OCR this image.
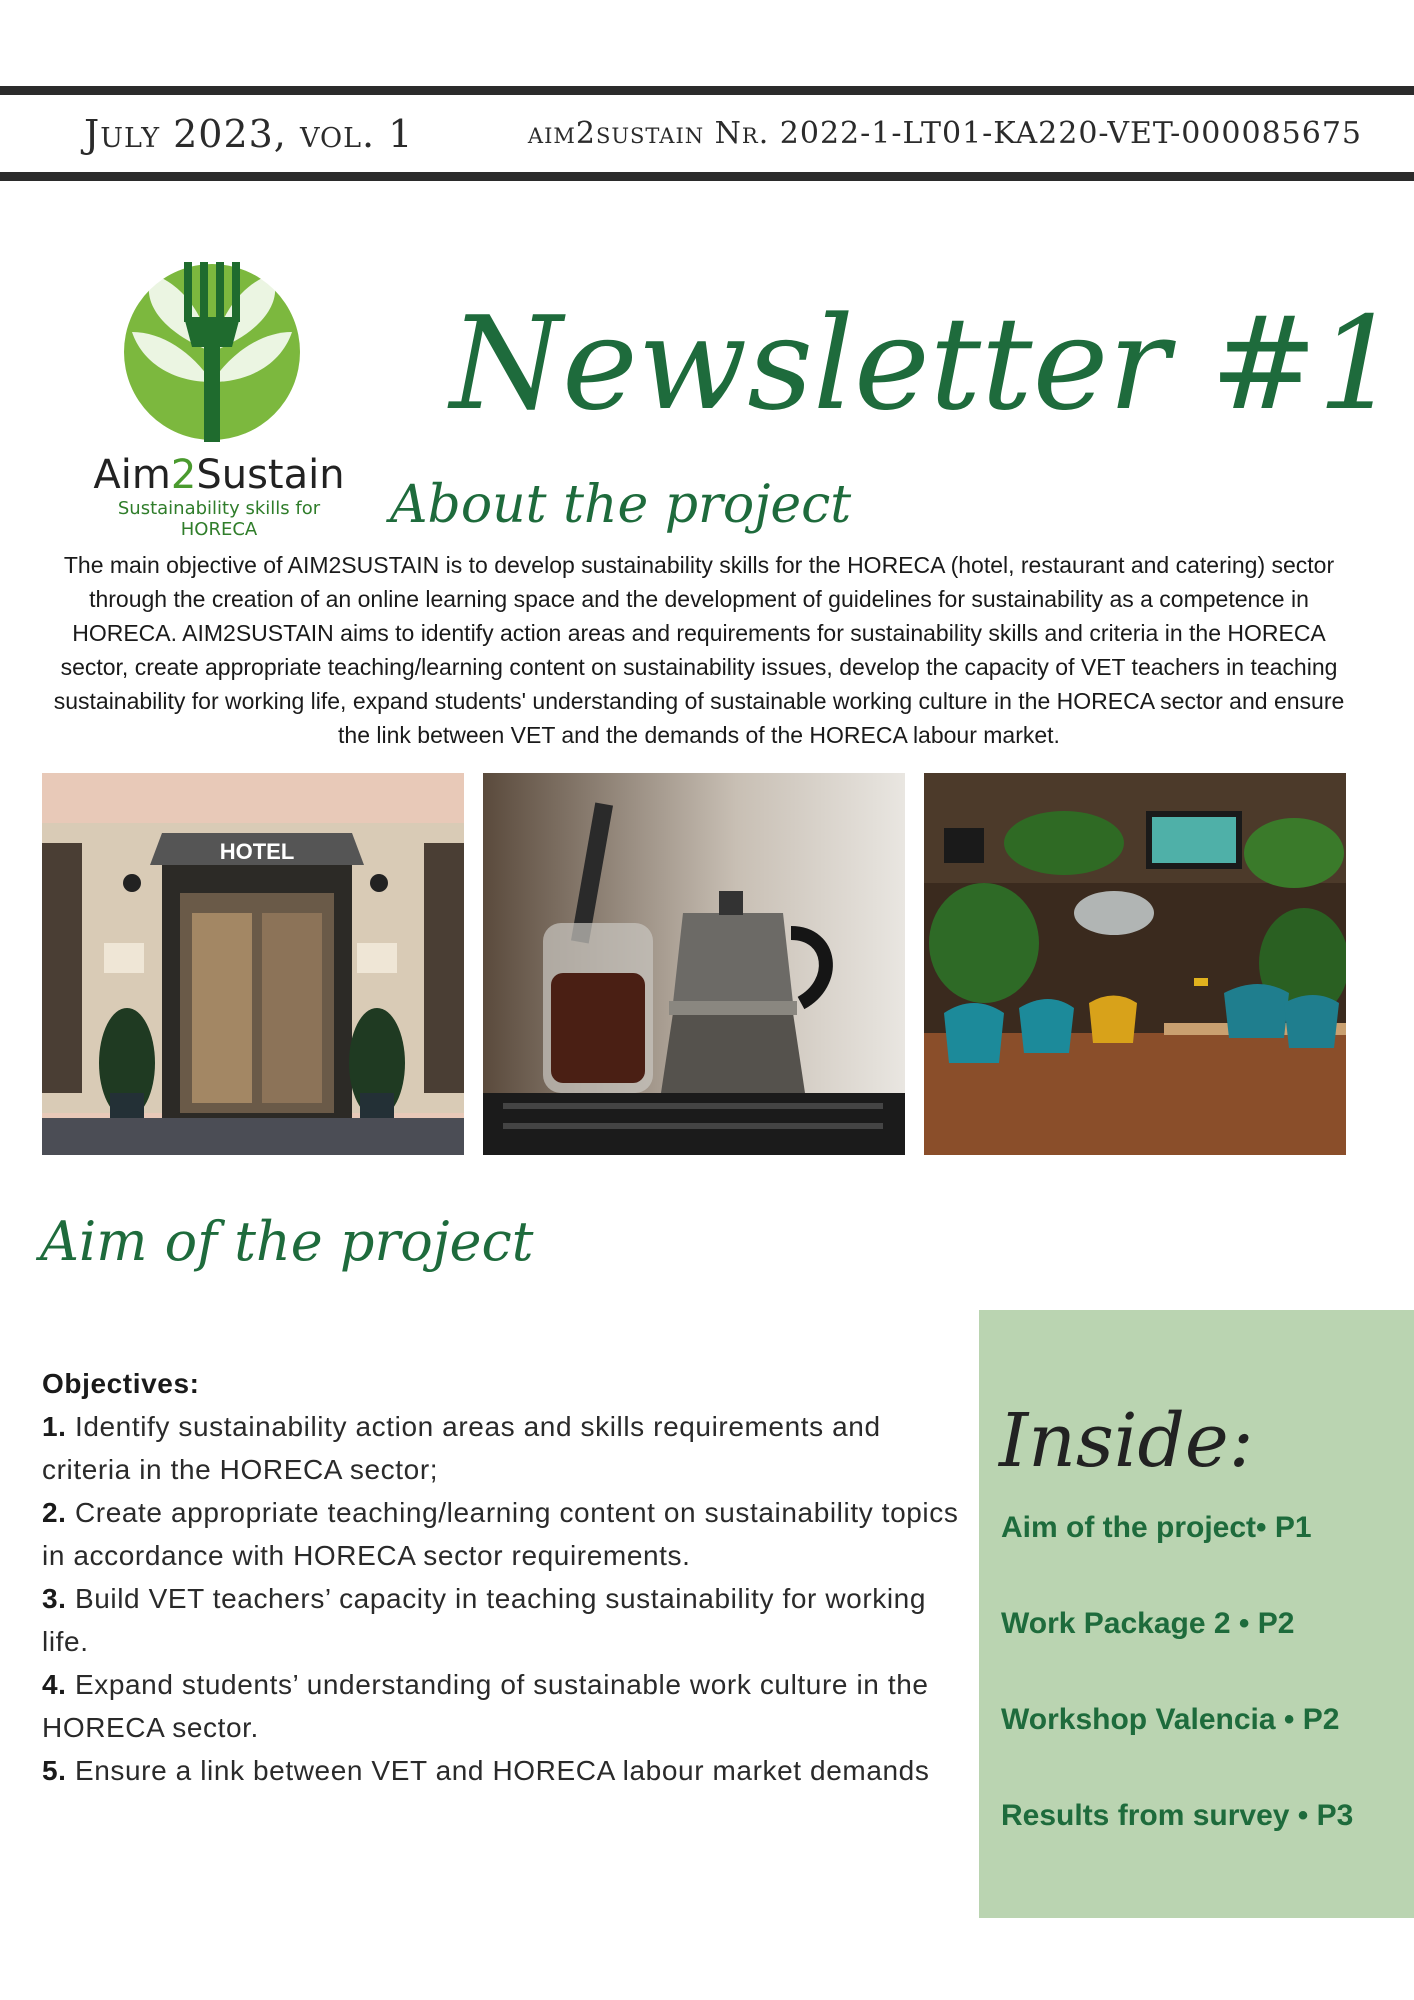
July 2023, vol. 1	aim2sustain Nr. 2022-1-LT01-KA220-VET-000085675
Aim2Sustain
Sustainability skills for HORECA
Newsletter #1
About the project
The main objective of AIM2SUSTAIN is to develop sustainability skills for the HORECA (hotel, restaurant and catering) sector through the creation of an online learning space and the development of guidelines for sustainability as a competence in HORECA. AIM2SUSTAIN aims to identify action areas and requirements for sustainability skills and criteria in the HORECA sector, create appropriate teaching/learning content on sustainability issues, develop the capacity of VET teachers in teaching sustainability for working life, expand students' understanding of sustainable working culture in the HORECA sector and ensure the link between VET and the demands of the HORECA labour market.
HOTEL
Aim of the project

Objectives:

1. Identify sustainability action areas and skills requirements and criteria in the HORECA sector;

2. Create appropriate teaching/learning content on sustainability topics in accordance with HORECA sector requirements.

3. Build VET teachers’ capacity in teaching sustainability for working life.

4. Expand students’ understanding of sustainable work culture in the HORECA sector.

5. Ensure a link between VET and HORECA labour market demands

Inside:
Aim of the project• P1
Work Package 2 • P2
Workshop Valencia • P2
Results from survey • P3
